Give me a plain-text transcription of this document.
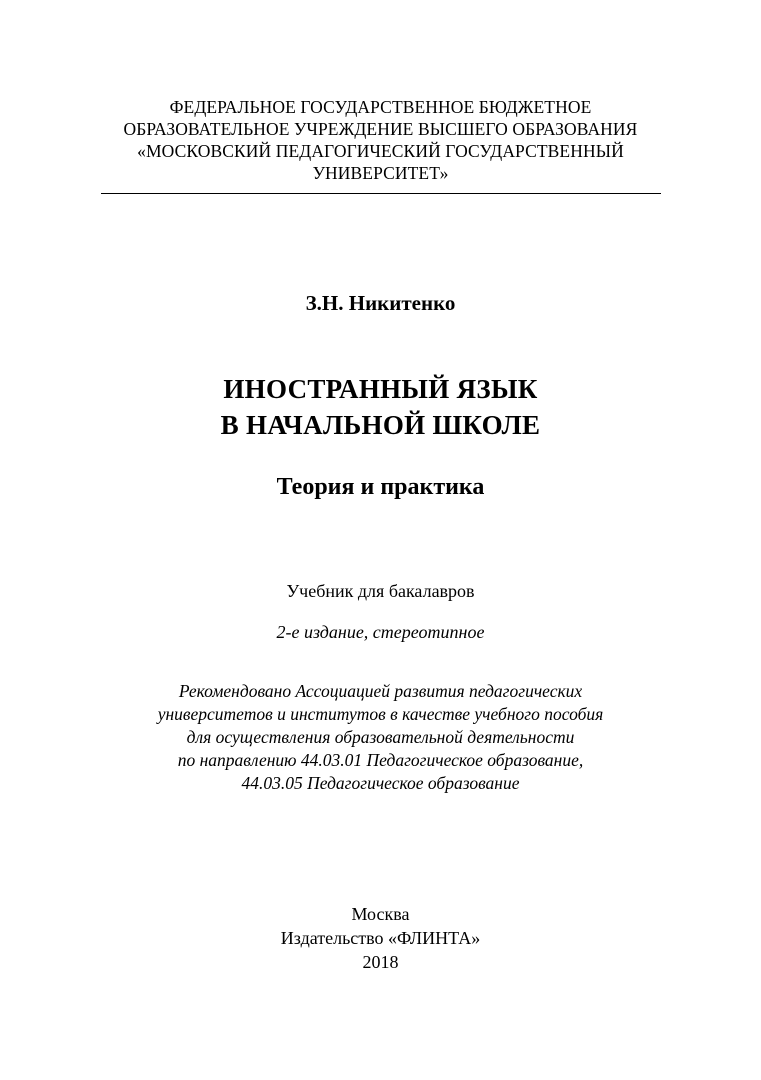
ФЕДЕРАЛЬНОЕ ГОСУДАРСТВЕННОЕ БЮДЖЕТНОЕ
ОБРАЗОВАТЕЛЬНОЕ УЧРЕЖДЕНИЕ ВЫСШЕГО ОБРАЗОВАНИЯ
«МОСКОВСКИЙ ПЕДАГОГИЧЕСКИЙ ГОСУДАРСТВЕННЫЙ
УНИВЕРСИТЕТ»
З.Н. Никитенко
ИНОСТРАННЫЙ ЯЗЫК
В НАЧАЛЬНОЙ ШКОЛЕ
Теория и практика
Учебник для бакалавров
2-е издание, стереотипное
Рекомендовано Ассоциацией развития педагогических
университетов и институтов в качестве учебного пособия
для осуществления образовательной деятельности
по направлению 44.03.01 Педагогическое образование,
44.03.05 Педагогическое образование
Москва
Издательство «ФЛИНТА»
2018
